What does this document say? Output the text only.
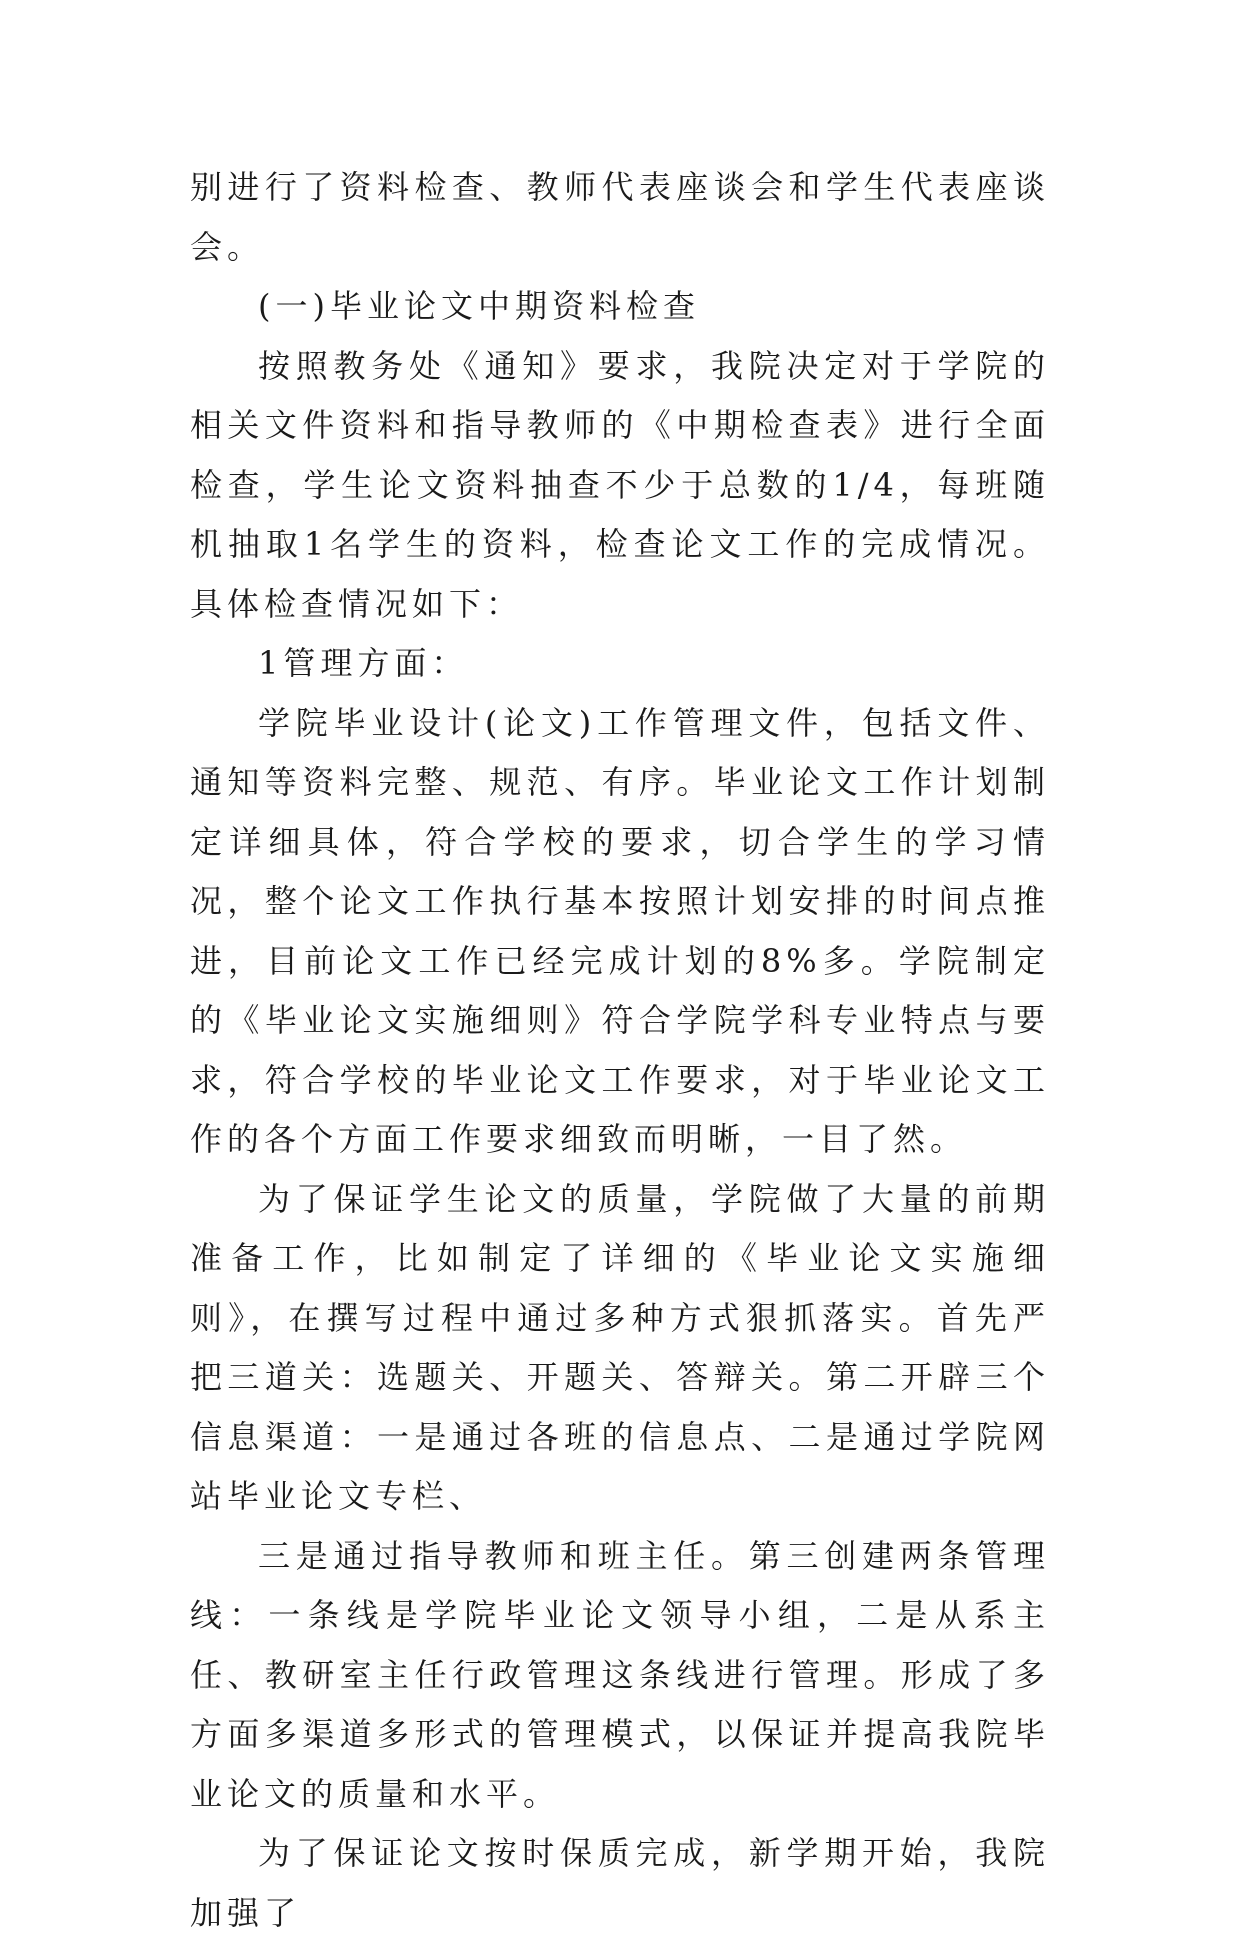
别进行了资料检查、教师代表座谈会和学生代表座谈会。

(一)毕业论文中期资料检查

按照教务处《通知》要求，我院决定对于学院的相关文件资料和指导教师的《中期检查表》进行全面检查，学生论文资料抽查不少于总数的1/4，每班随机抽取1名学生的资料，检查论文工作的完成情况。具体检查情况如下：

1管理方面：

学院毕业设计(论文)工作管理文件，包括文件、通知等资料完整、规范、有序。毕业论文工作计划制定详细具体，符合学校的要求，切合学生的学习情况，整个论文工作执行基本按照计划安排的时间点推进，目前论文工作已经完成计划的8%多。学院制定的《毕业论文实施细则》符合学院学科专业特点与要求，符合学校的毕业论文工作要求，对于毕业论文工作的各个方面工作要求细致而明晰，一目了然。

为了保证学生论文的质量，学院做了大量的前期准备工作，比如制定了详细的《毕业论文实施细则》，在撰写过程中通过多种方式狠抓落实。首先严把三道关：选题关、开题关、答辩关。第二开辟三个信息渠道：一是通过各班的信息点、二是通过学院网站毕业论文专栏、

三是通过指导教师和班主任。第三创建两条管理线：一条线是学院毕业论文领导小组，二是从系主任、教研室主任行政管理这条线进行管理。形成了多方面多渠道多形式的管理模式，以保证并提高我院毕业论文的质量和水平。

为了保证论文按时保质完成，新学期开始，我院加强了
